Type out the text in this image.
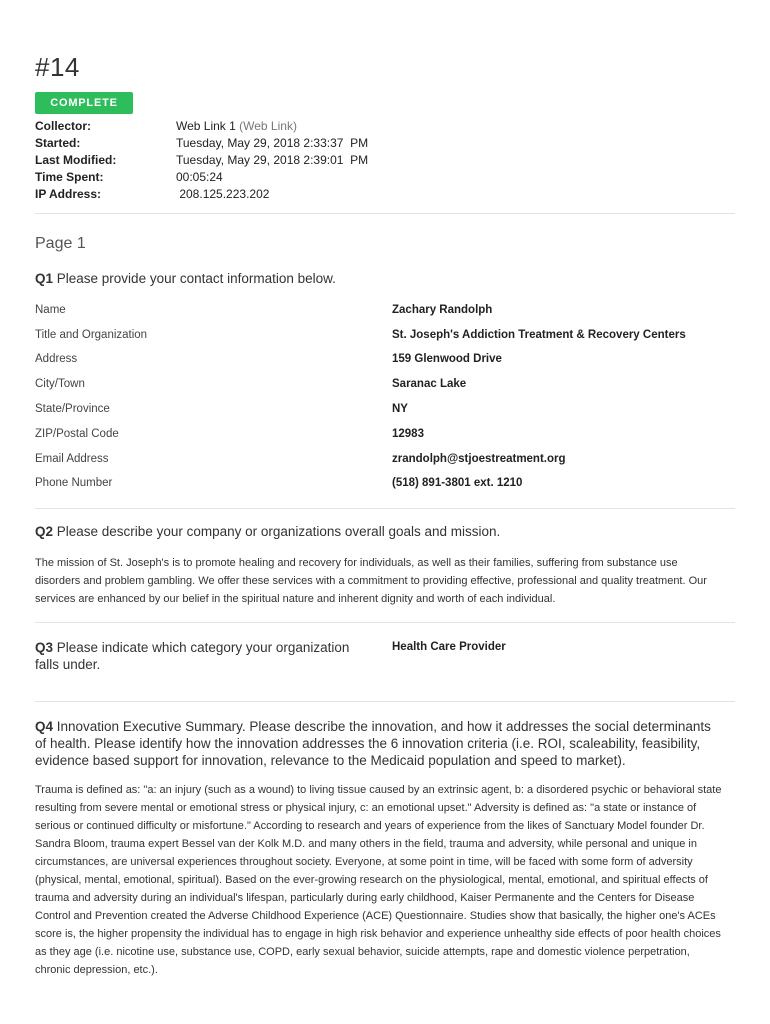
#14
COMPLETE
Collector:	Web Link 1 (Web Link)
Started:	Tuesday, May 29, 2018 2:33:37  PM
Last Modified:	Tuesday, May 29, 2018 2:39:01  PM
Time Spent:	00:05:24
IP Address:	208.125.223.202
Page 1
Q1 Please provide your contact information below.
Name	Zachary Randolph
Title and Organization	St. Joseph's Addiction Treatment & Recovery Centers
Address	159 Glenwood Drive
City/Town	Saranac Lake
State/Province	NY
ZIP/Postal Code	12983
Email Address	zrandolph@stjoestreatment.org
Phone Number	(518) 891-3801 ext. 1210
Q2 Please describe your company or organizations overall goals and mission.
The mission of St. Joseph's is to promote healing and recovery for individuals, as well as their families, suffering from substance use disorders and problem gambling. We offer these services with a commitment to providing effective, professional and quality treatment. Our services are enhanced by our belief in the spiritual nature and inherent dignity and worth of each individual.
Q3 Please indicate which category your organization falls under.
Health Care Provider
Q4 Innovation Executive Summary. Please describe the innovation, and how it addresses the social determinants of health. Please identify how the innovation addresses the 6 innovation criteria (i.e. ROI, scaleability, feasibility, evidence based support for innovation, relevance to the Medicaid population and speed to market).
Trauma is defined as: "a: an injury (such as a wound) to living tissue caused by an extrinsic agent, b: a disordered psychic or behavioral state resulting from severe mental or emotional stress or physical injury, c: an emotional upset." Adversity is defined as: "a state or instance of serious or continued difficulty or misfortune." According to research and years of experience from the likes of Sanctuary Model founder Dr. Sandra Bloom, trauma expert Bessel van der Kolk M.D. and many others in the field, trauma and adversity, while personal and unique in circumstances, are universal experiences throughout society. Everyone, at some point in time, will be faced with some form of adversity (physical, mental, emotional, spiritual). Based on the ever-growing research on the physiological, mental, emotional, and spiritual effects of trauma and adversity during an individual's lifespan, particularly during early childhood, Kaiser Permanente and the Centers for Disease Control and Prevention created the Adverse Childhood Experience (ACE) Questionnaire. Studies show that basically, the higher one's ACEs score is, the higher propensity the individual has to engage in high risk behavior and experience unhealthy side effects of poor health choices as they age (i.e. nicotine use, substance use, COPD, early sexual behavior, suicide attempts, rape and domestic violence perpetration, chronic depression, etc.).
